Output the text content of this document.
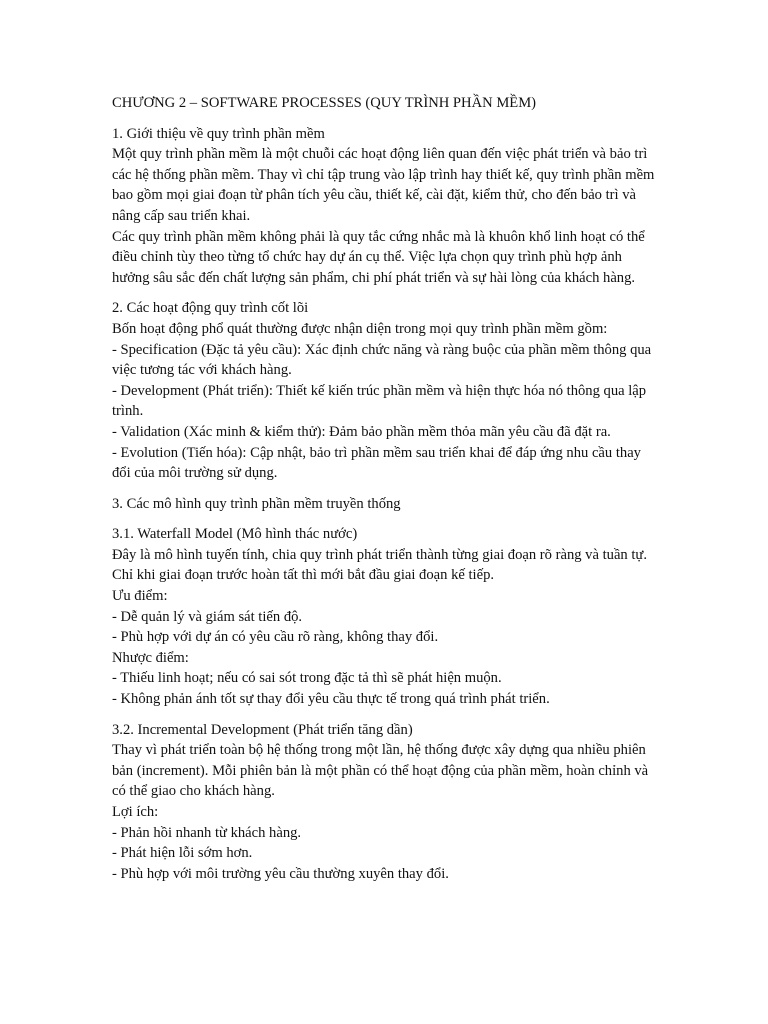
CHƯƠNG 2 – SOFTWARE PROCESSES (QUY TRÌNH PHẦN MỀM)
1. Giới thiệu về quy trình phần mềm
Một quy trình phần mềm là một chuỗi các hoạt động liên quan đến việc phát triển và bảo trì các hệ thống phần mềm. Thay vì chỉ tập trung vào lập trình hay thiết kế, quy trình phần mềm bao gồm mọi giai đoạn từ phân tích yêu cầu, thiết kế, cài đặt, kiểm thử, cho đến bảo trì và nâng cấp sau triển khai.
Các quy trình phần mềm không phải là quy tắc cứng nhắc mà là khuôn khổ linh hoạt có thể điều chỉnh tùy theo từng tổ chức hay dự án cụ thể. Việc lựa chọn quy trình phù hợp ảnh hưởng sâu sắc đến chất lượng sản phẩm, chi phí phát triển và sự hài lòng của khách hàng.
2. Các hoạt động quy trình cốt lõi
Bốn hoạt động phổ quát thường được nhận diện trong mọi quy trình phần mềm gồm:
- Specification (Đặc tả yêu cầu): Xác định chức năng và ràng buộc của phần mềm thông qua việc tương tác với khách hàng.
- Development (Phát triển): Thiết kế kiến trúc phần mềm và hiện thực hóa nó thông qua lập trình.
- Validation (Xác minh & kiểm thử): Đảm bảo phần mềm thỏa mãn yêu cầu đã đặt ra.
- Evolution (Tiến hóa): Cập nhật, bảo trì phần mềm sau triển khai để đáp ứng nhu cầu thay đổi của môi trường sử dụng.
3. Các mô hình quy trình phần mềm truyền thống
3.1. Waterfall Model (Mô hình thác nước)
Đây là mô hình tuyến tính, chia quy trình phát triển thành từng giai đoạn rõ ràng và tuần tự. Chỉ khi giai đoạn trước hoàn tất thì mới bắt đầu giai đoạn kế tiếp.
Ưu điểm:
- Dễ quản lý và giám sát tiến độ.
- Phù hợp với dự án có yêu cầu rõ ràng, không thay đổi.
Nhược điểm:
- Thiếu linh hoạt; nếu có sai sót trong đặc tả thì sẽ phát hiện muộn.
- Không phản ánh tốt sự thay đổi yêu cầu thực tế trong quá trình phát triển.
3.2. Incremental Development (Phát triển tăng dần)
Thay vì phát triển toàn bộ hệ thống trong một lần, hệ thống được xây dựng qua nhiều phiên bản (increment). Mỗi phiên bản là một phần có thể hoạt động của phần mềm, hoàn chỉnh và có thể giao cho khách hàng.
Lợi ích:
- Phản hồi nhanh từ khách hàng.
- Phát hiện lỗi sớm hơn.
- Phù hợp với môi trường yêu cầu thường xuyên thay đổi.
